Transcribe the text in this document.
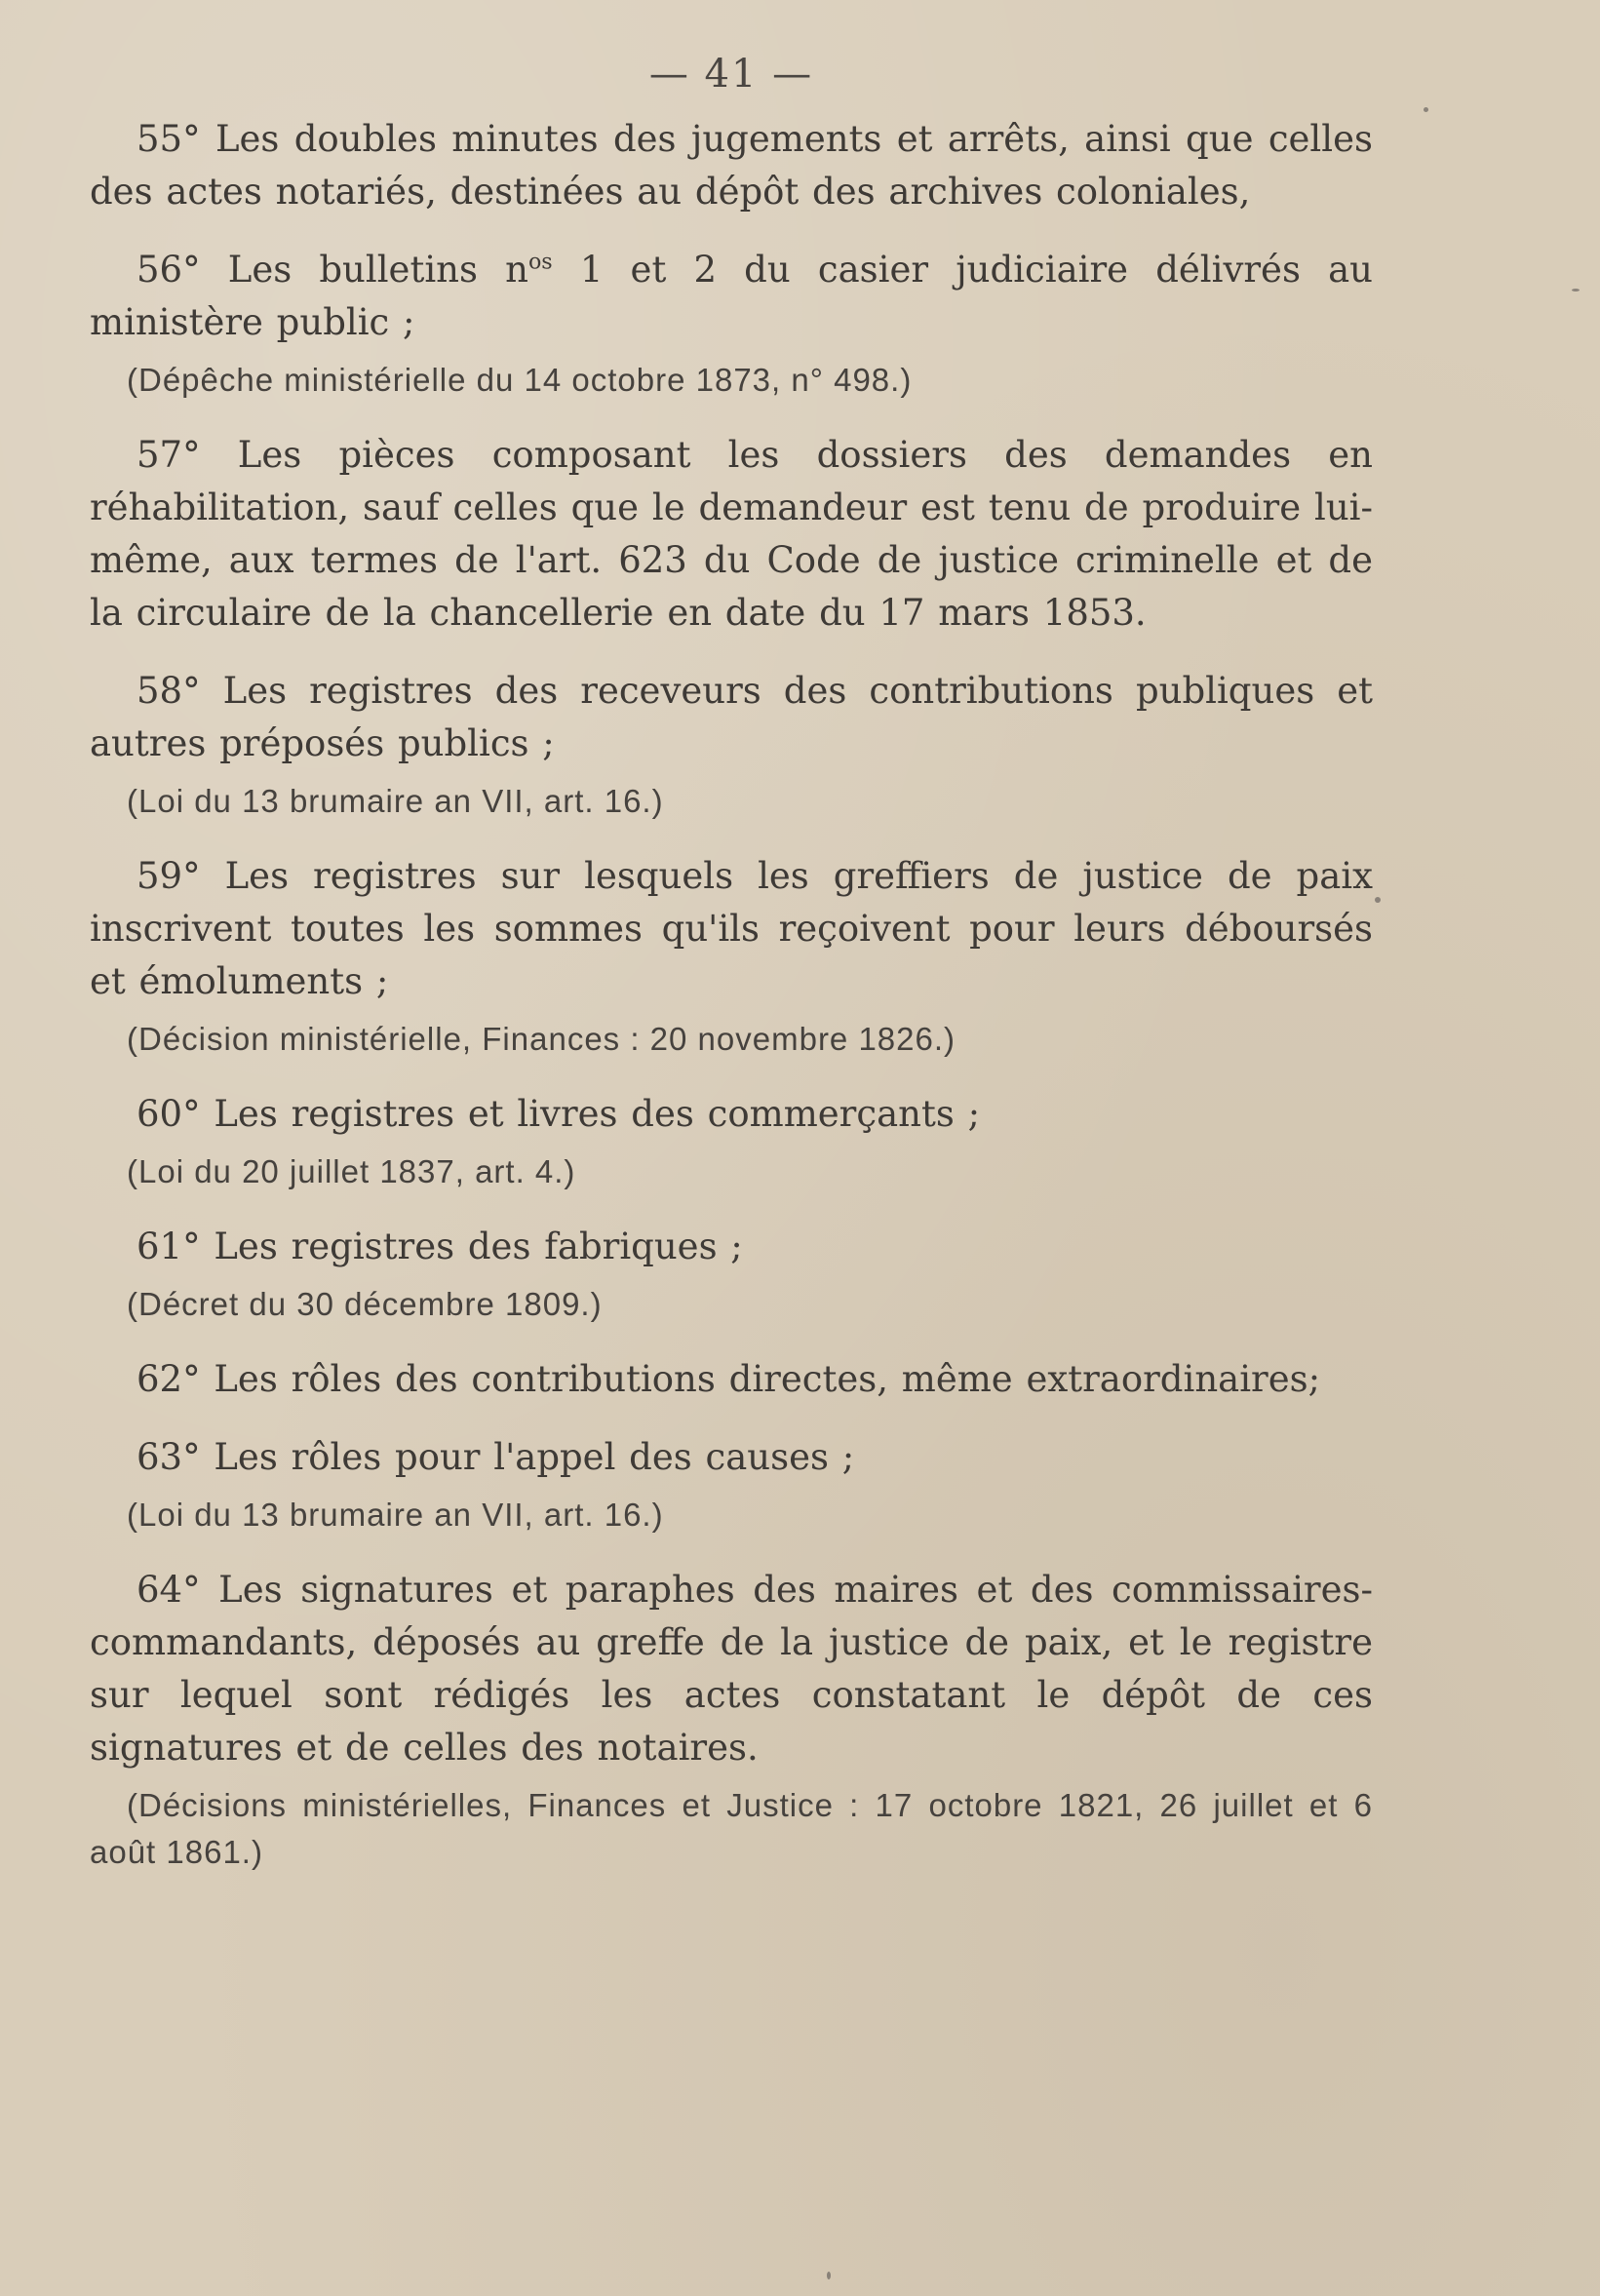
— 41 —

55° Les doubles minutes des jugements et arrêts, ainsi que celles des actes notariés, destinées au dépôt des archives coloniales,

56° Les bulletins $n^{os}$ 1 et 2 du casier judiciaire délivrés au ministère public ;

(Dépêche ministérielle du 14 octobre 1873, n° 498.)

57° Les pièces composant les dossiers des demandes en réhabilitation, sauf celles que le demandeur est tenu de produire lui-même, aux termes de l'art. 623 du Code de justice criminelle et de la circulaire de la chancellerie en date du 17 mars 1853.

58° Les registres des receveurs des contributions publiques et autres préposés publics ;

(Loi du 13 brumaire an VII, art. 16.)

59° Les registres sur lesquels les greffiers de justice de paix inscrivent toutes les sommes qu'ils reçoivent pour leurs déboursés et émoluments ;

(Décision ministérielle, Finances : 20 novembre 1826.)

60° Les registres et livres des commerçants ;

(Loi du 20 juillet 1837, art. 4.)

61° Les registres des fabriques ;

(Décret du 30 décembre 1809.)

62° Les rôles des contributions directes, même extraordinaires;

63° Les rôles pour l'appel des causes ;

(Loi du 13 brumaire an VII, art. 16.)

64° Les signatures et paraphes des maires et des commissaires-commandants, déposés au greffe de la justice de paix, et le registre sur lequel sont rédigés les actes constatant le dépôt de ces signatures et de celles des notaires.

(Décisions ministérielles, Finances et Justice : 17 octobre 1821, 26 juillet et 6 août 1861.)
